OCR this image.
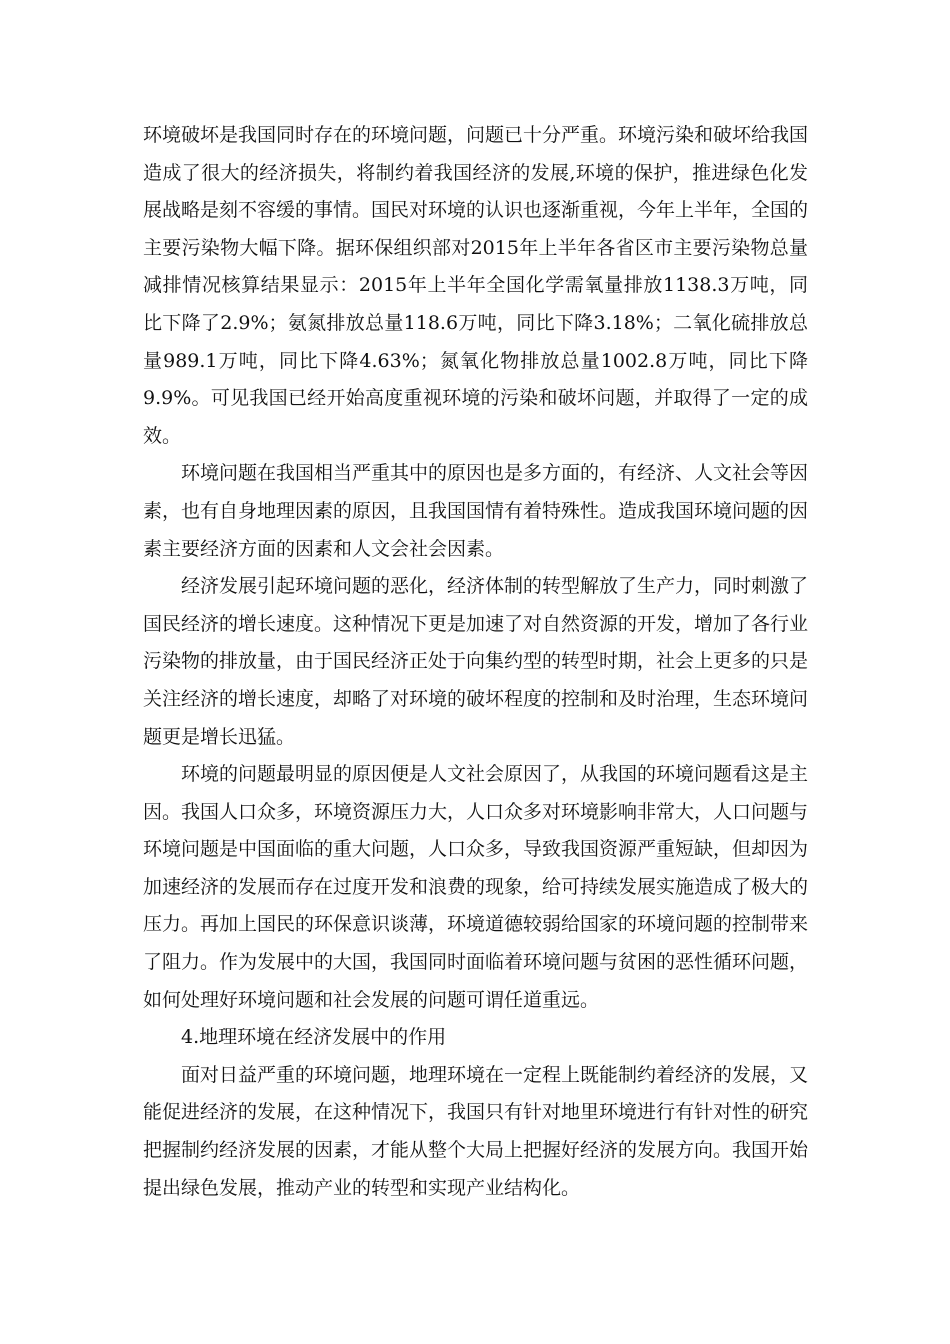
环境破坏是我国同时存在的环境问题，问题已十分严重。环境污染和破坏给我国造成了很大的经济损失，将制约着我国经济的发展,环境的保护，推进绿色化发展战略是刻不容缓的事情。国民对环境的认识也逐渐重视，今年上半年，全国的主要污染物大幅下降。据环保组织部对2015年上半年各省区市主要污染物总量减排情况核算结果显示：2015年上半年全国化学需氧量排放1138.3万吨，同比下降了2.9%；氨氮排放总量118.6万吨，同比下降3.18%；二氧化硫排放总量989.1万吨，同比下降4.63%；氮氧化物排放总量1002.8万吨，同比下降9.9%。可见我国已经开始高度重视环境的污染和破坏问题，并取得了一定的成效。

环境问题在我国相当严重其中的原因也是多方面的，有经济、人文社会等因素，也有自身地理因素的原因，且我国国情有着特殊性。造成我国环境问题的因素主要经济方面的因素和人文会社会因素。

经济发展引起环境问题的恶化，经济体制的转型解放了生产力，同时刺激了国民经济的增长速度。这种情况下更是加速了对自然资源的开发，增加了各行业污染物的排放量，由于国民经济正处于向集约型的转型时期，社会上更多的只是关注经济的增长速度，却略了对环境的破坏程度的控制和及时治理，生态环境问题更是增长迅猛。

环境的问题最明显的原因便是人文社会原因了，从我国的环境问题看这是主因。我国人口众多，环境资源压力大，人口众多对环境影响非常大，人口问题与环境问题是中国面临的重大问题，人口众多，导致我国资源严重短缺，但却因为加速经济的发展而存在过度开发和浪费的现象，给可持续发展实施造成了极大的压力。再加上国民的环保意识谈薄，环境道德较弱给国家的环境问题的控制带来了阻力。作为发展中的大国，我国同时面临着环境问题与贫困的恶性循环问题，如何处理好环境问题和社会发展的问题可谓任道重远。

4.地理环境在经济发展中的作用

面对日益严重的环境问题，地理环境在一定程上既能制约着经济的发展，又能促进经济的发展，在这种情况下，我国只有针对地里环境进行有针对性的研究把握制约经济发展的因素，才能从整个大局上把握好经济的发展方向。我国开始提出绿色发展，推动产业的转型和实现产业结构化。
